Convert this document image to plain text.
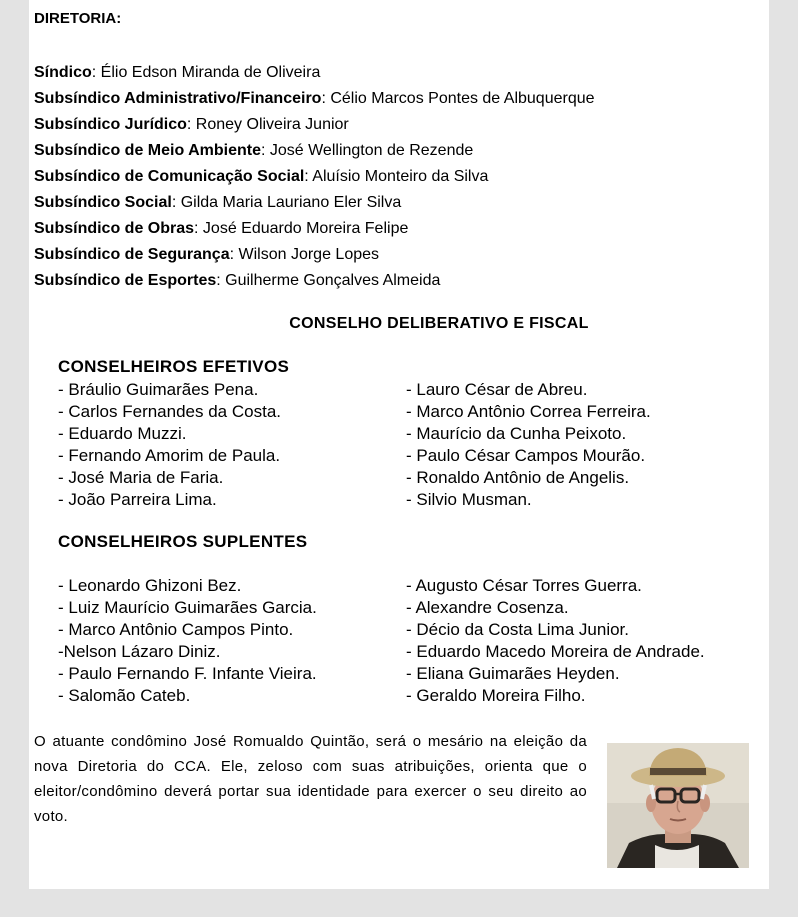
DIRETORIA:
Síndico: Élio Edson Miranda de Oliveira
Subsíndico Administrativo/Financeiro: Célio Marcos Pontes de Albuquerque
Subsíndico Jurídico: Roney Oliveira Junior
Subsíndico de Meio Ambiente: José Wellington de Rezende
Subsíndico de Comunicação Social: Aluísio Monteiro da Silva
Subsíndico Social: Gilda Maria Lauriano Eler Silva
Subsíndico de Obras: José Eduardo Moreira Felipe
Subsíndico de Segurança: Wilson Jorge Lopes
Subsíndico de Esportes: Guilherme Gonçalves Almeida
CONSELHO DELIBERATIVO E FISCAL
CONSELHEIROS EFETIVOS
- Bráulio Guimarães Pena.
- Carlos Fernandes da Costa.
- Eduardo Muzzi.
- Fernando Amorim de Paula.
- José Maria de Faria.
- João Parreira Lima.
- Lauro César de Abreu.
- Marco Antônio Correa Ferreira.
- Maurício da Cunha Peixoto.
- Paulo César Campos Mourão.
- Ronaldo Antônio de Angelis.
- Silvio Musman.
CONSELHEIROS SUPLENTES
- Leonardo Ghizoni Bez.
- Luiz Maurício Guimarães Garcia.
- Marco Antônio Campos Pinto.
-Nelson Lázaro Diniz.
- Paulo Fernando F. Infante Vieira.
- Salomão Cateb.
- Augusto César Torres Guerra.
- Alexandre Cosenza.
- Décio da Costa Lima Junior.
- Eduardo Macedo Moreira de Andrade.
- Eliana Guimarães Heyden.
- Geraldo Moreira Filho.
O atuante condômino José Romualdo Quintão, será o mesário na eleição da nova Diretoria do CCA. Ele, zeloso com suas atribuições, orienta que o eleitor/condômino deverá portar sua identidade para exercer o seu direito ao voto.
